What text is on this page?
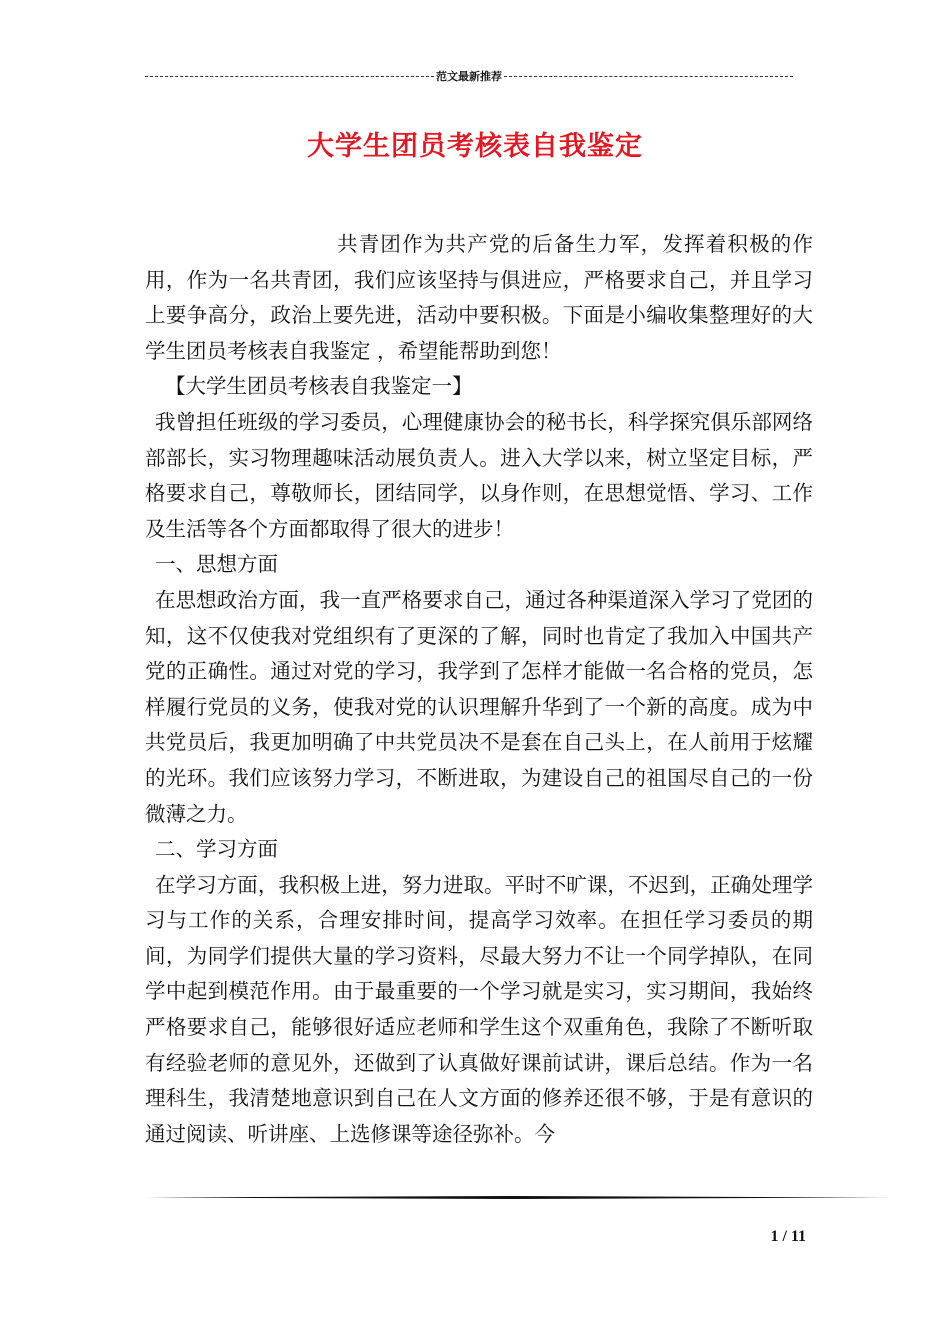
范文最新推荐
大学生团员考核表自我鉴定

共青团作为共产党的后备生力军，发挥着积极的作用，作为一名共青团，我们应该坚持与俱进应，严格要求自己，并且学习上要争高分，政治上要先进，活动中要积极。下面是小编收集整理好的大学生团员考核表自我鉴定 ，希望能帮助到您！

【大学生团员考核表自我鉴定一】

我曾担任班级的学习委员，心理健康协会的秘书长，科学探究俱乐部网络部部长，实习物理趣味活动展负责人。进入大学以来，树立坚定目标，严格要求自己，尊敬师长，团结同学，以身作则，在思想觉悟、学习、工作及生活等各个方面都取得了很大的进步！

一、思想方面

在思想政治方面，我一直严格要求自己，通过各种渠道深入学习了党团的知，这不仅使我对党组织有了更深的了解，同时也肯定了我加入中国共产党的正确性。通过对党的学习，我学到了怎样才能做一名合格的党员，怎样履行党员的义务，使我对党的认识理解升华到了一个新的高度。成为中共党员后，我更加明确了中共党员决不是套在自己头上，在人前用于炫耀的光环。我们应该努力学习，不断进取，为建设自己的祖国尽自己的一份微薄之力。

二、学习方面

在学习方面，我积极上进，努力进取。平时不旷课，不迟到，正确处理学习与工作的关系，合理安排时间，提高学习效率。在担任学习委员的期间，为同学们提供大量的学习资料，尽最大努力不让一个同学掉队，在同学中起到模范作用。由于最重要的一个学习就是实习，实习期间，我始终严格要求自己，能够很好适应老师和学生这个双重角色，我除了不断听取有经验老师的意见外，还做到了认真做好课前试讲，课后总结。作为一名理科生，我清楚地意识到自己在人文方面的修养还很不够，于是有意识的通过阅读、听讲座、上选修课等途径弥补。今

1 / 11
